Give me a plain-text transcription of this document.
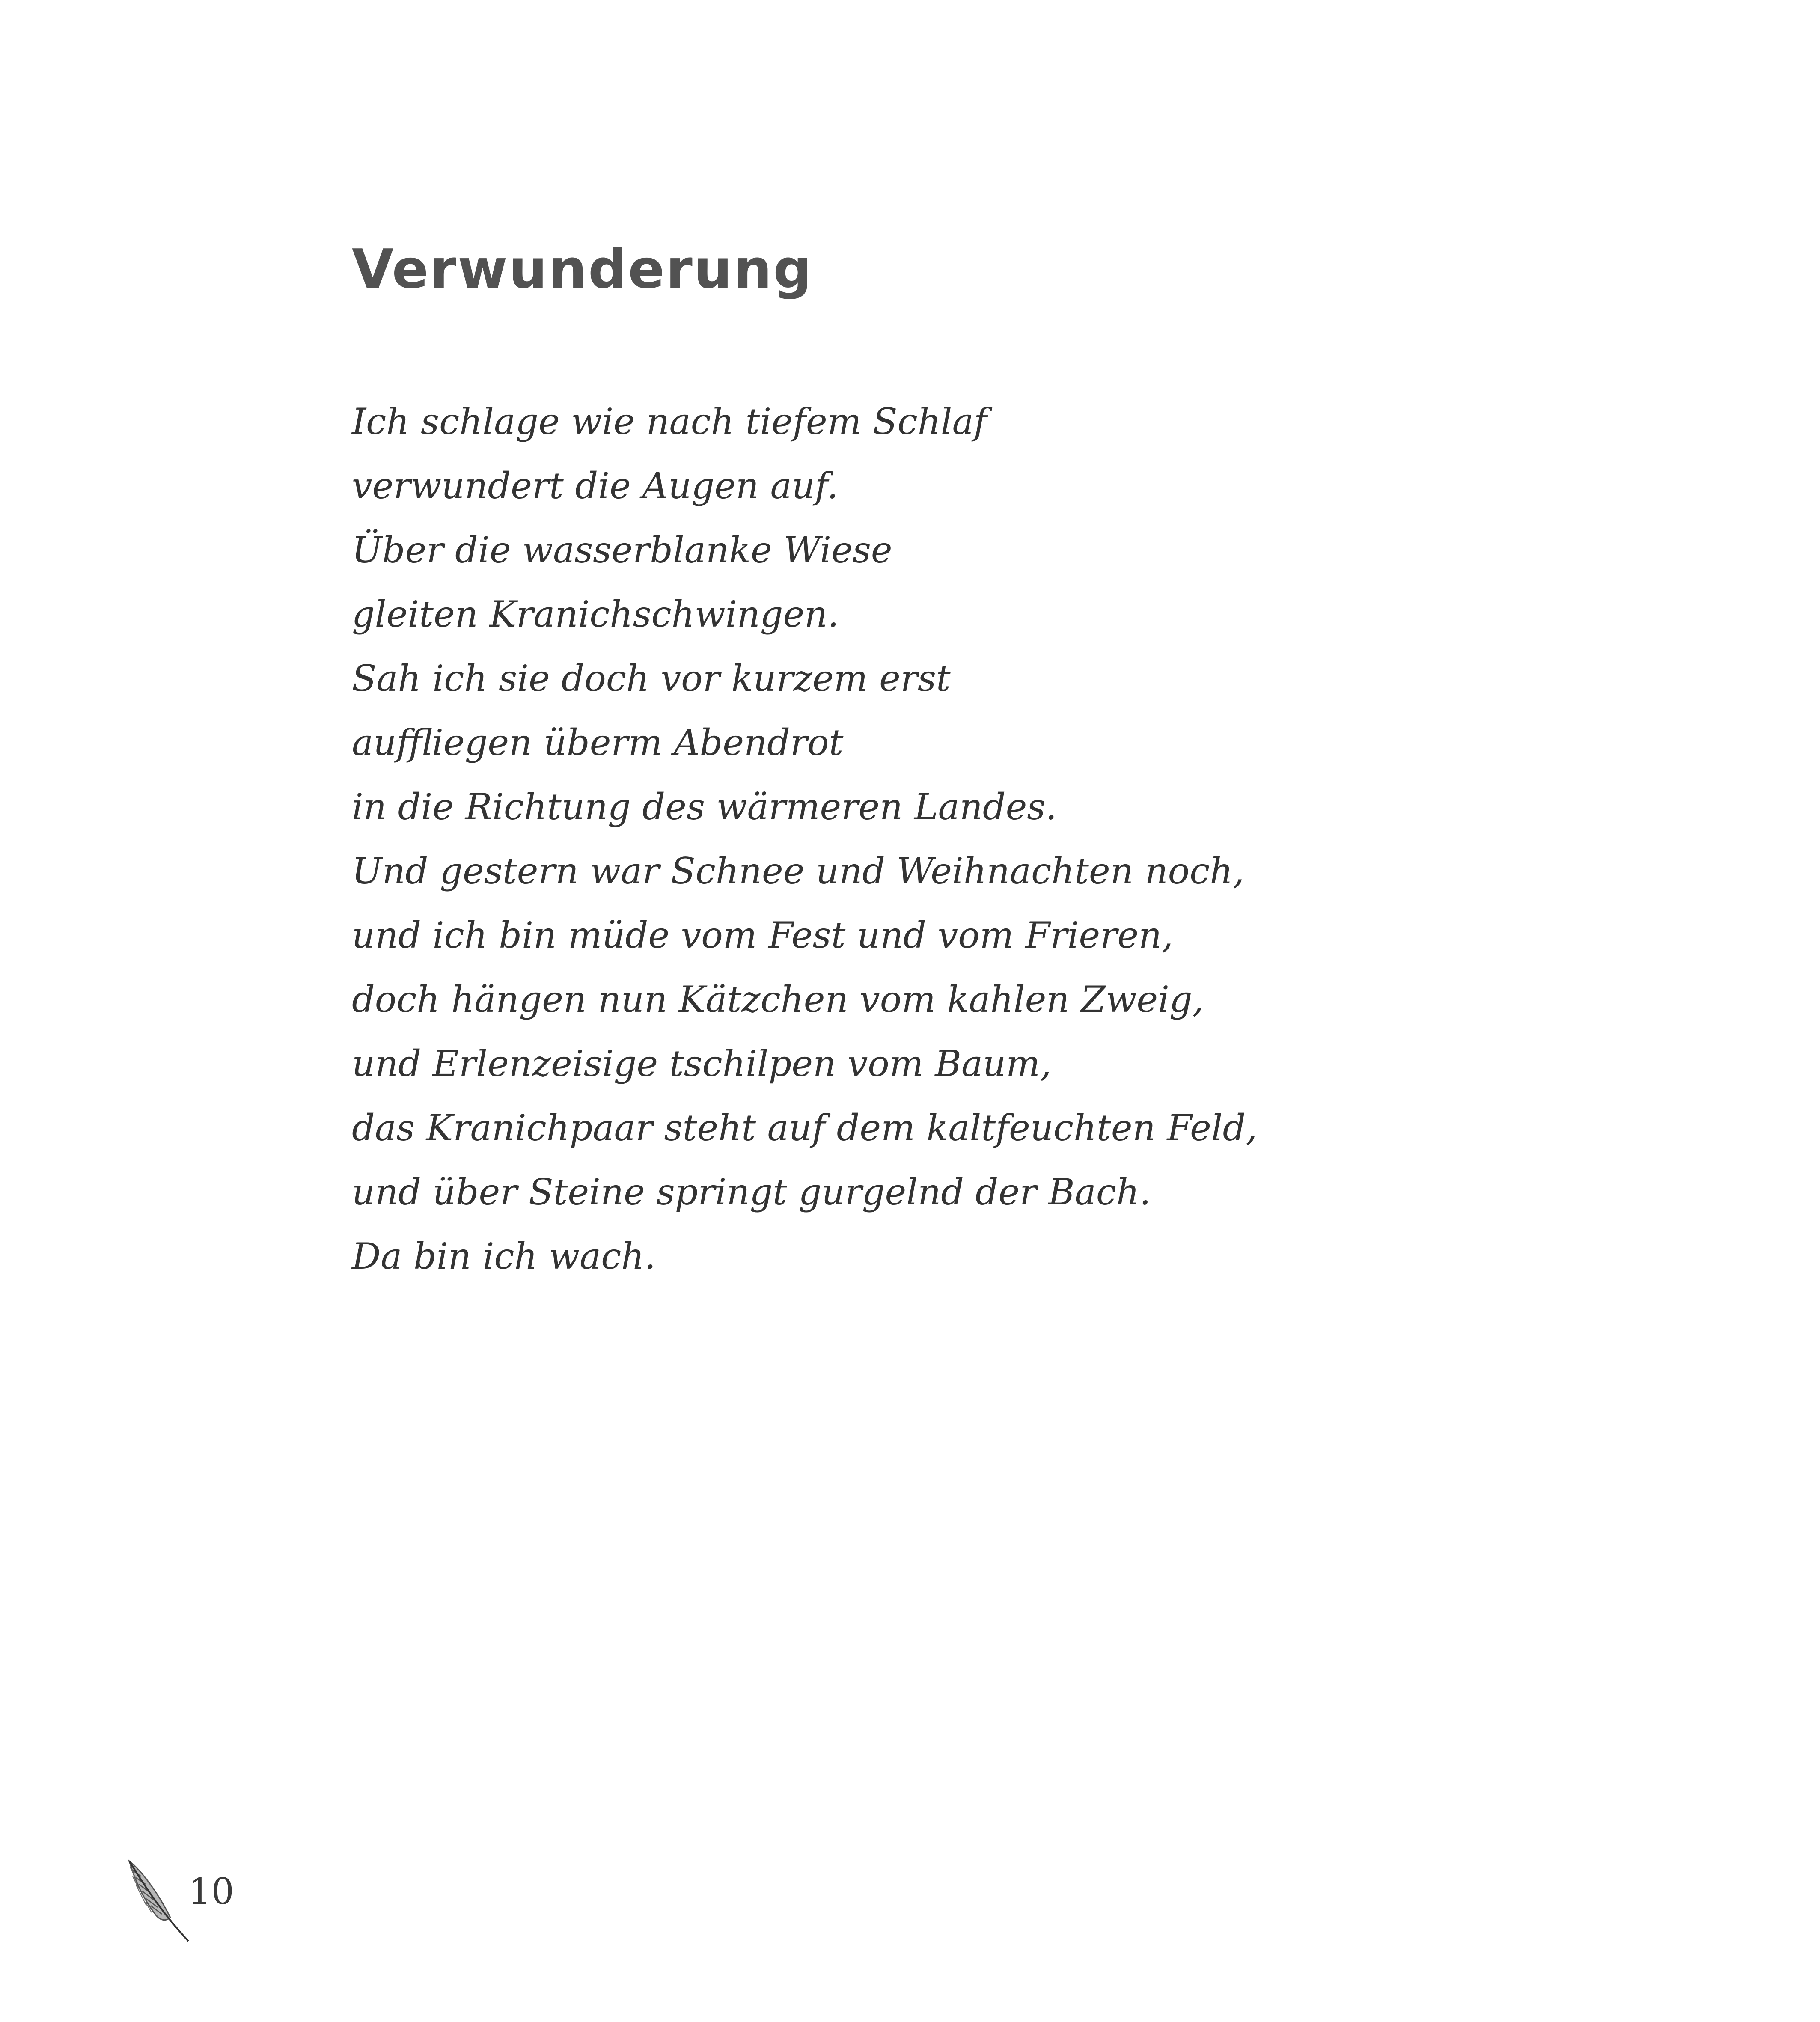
Verwunderung
Ich schlage wie nach tiefem Schlaf
verwundert die Augen auf.
Über die wasserblanke Wiese
gleiten Kranichschwingen.
Sah ich sie doch vor kurzem erst
auffliegen überm Abendrot
in die Richtung des wärmeren Landes.
Und gestern war Schnee und Weihnachten noch,
und ich bin müde vom Fest und vom Frieren,
doch hängen nun Kätzchen vom kahlen Zweig,
und Erlenzeisige tschilpen vom Baum,
das Kranichpaar steht auf dem kaltfeuchten Feld,
und über Steine springt gurgelnd der Bach.
Da bin ich wach.
10
